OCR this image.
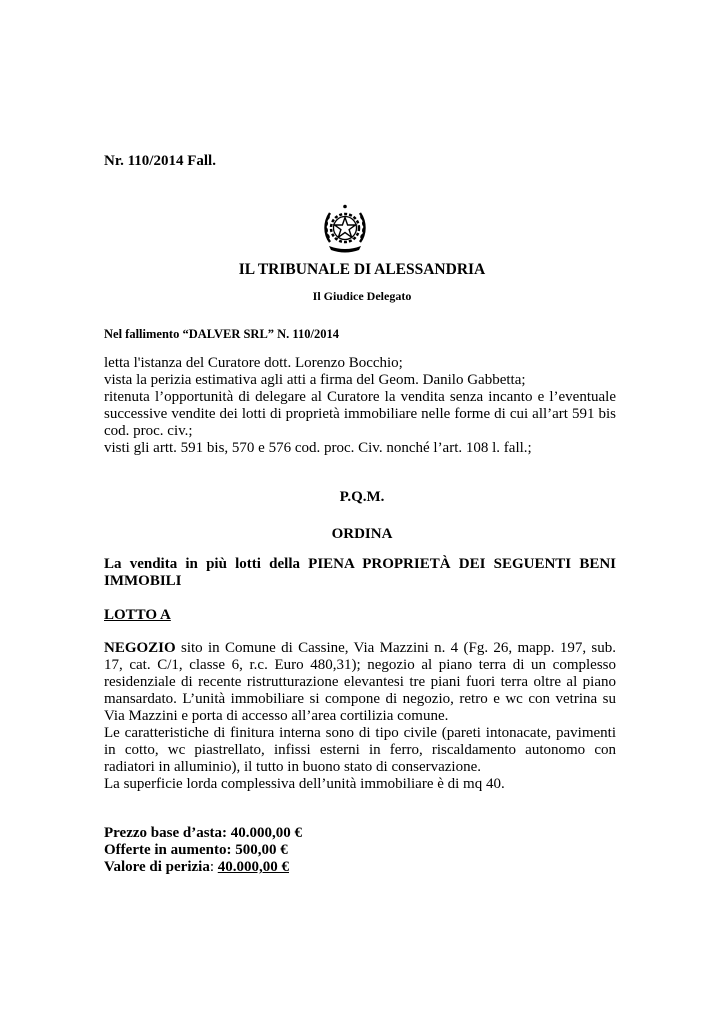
Nr. 110/2014 Fall.
IL TRIBUNALE DI ALESSANDRIA
Il Giudice Delegato
Nel fallimento “DALVER SRL” N. 110/2014

letta l'istanza del Curatore dott. Lorenzo Bocchio;

vista la perizia estimativa agli atti a firma del Geom. Danilo Gabbetta;

ritenuta l’opportunità di delegare al Curatore la vendita senza incanto e l’eventuale successive vendite dei lotti di proprietà immobiliare nelle forme di cui all’art 591 bis cod. proc. civ.;

visti gli artt. 591 bis, 570 e 576 cod. proc. Civ. nonché l’art. 108 l. fall.;

P.Q.M.
ORDINA
La vendita in più lotti della PIENA PROPRIETÀ DEI SEGUENTI BENI IMMOBILI
LOTTO A

NEGOZIO sito in Comune di Cassine, Via Mazzini n. 4 (Fg. 26, mapp. 197, sub. 17, cat. C/1, classe 6, r.c. Euro 480,31); negozio al piano terra di un complesso residenziale di recente ristrutturazione elevantesi tre piani fuori terra oltre al piano mansardato. L’unità immobiliare si compone di negozio, retro e wc con vetrina su Via Mazzini e porta di accesso all’area cortilizia comune.

Le caratteristiche di finitura interna sono di tipo civile (pareti intonacate, pavimenti in cotto, wc piastrellato, infissi esterni in ferro, riscaldamento autonomo con radiatori in alluminio), il tutto in buono stato di conservazione.

La superficie lorda complessiva dell’unità immobiliare è di mq 40.

Prezzo base d’asta: 40.000,00 €
Offerte in aumento: 500,00 €
Valore di perizia: 40.000,00 €
